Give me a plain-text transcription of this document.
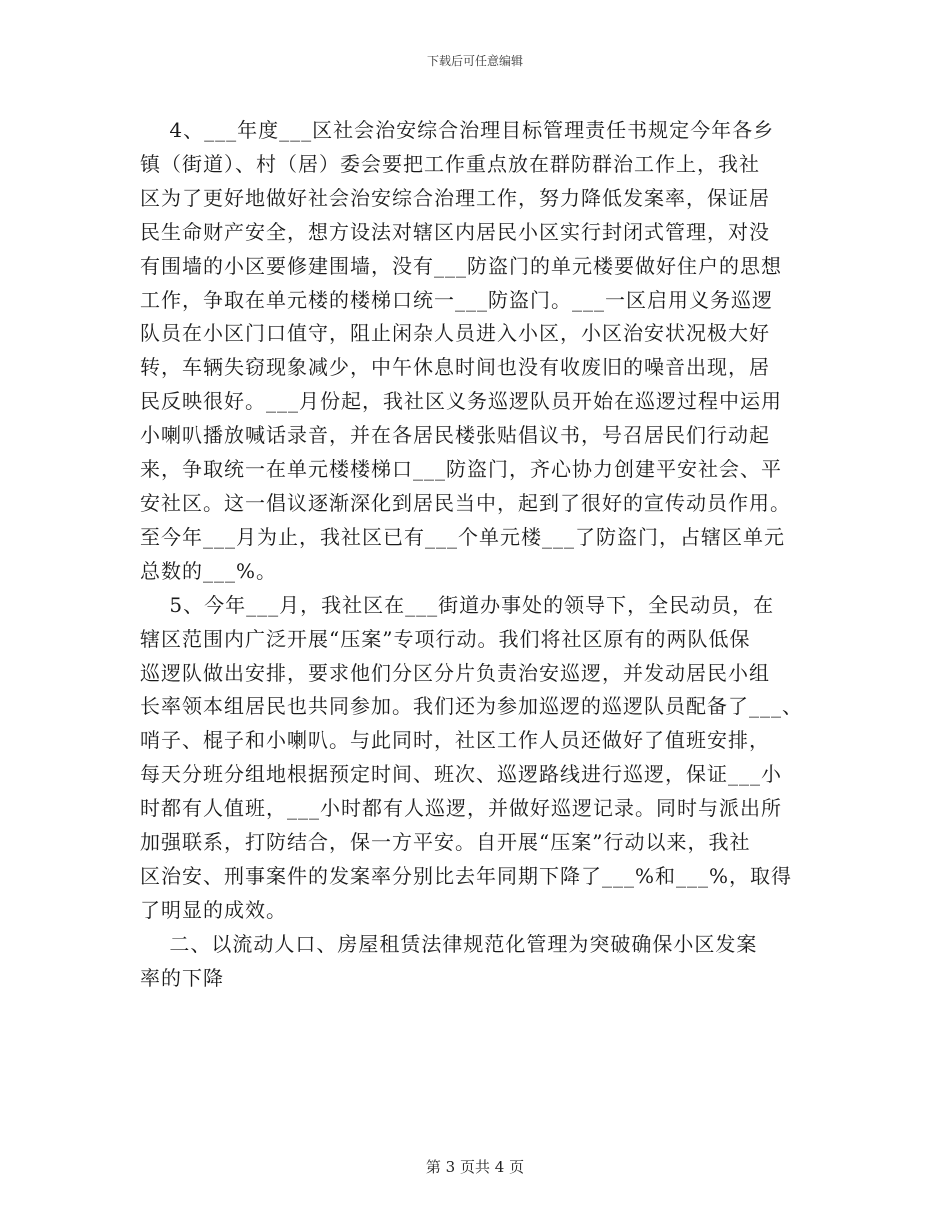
下载后可任意编辑

4、___年度___区社会治安综合治理目标管理责任书规定今年各乡
镇（街道）、村（居）委会要把工作重点放在群防群治工作上，我社
区为了更好地做好社会治安综合治理工作，努力降低发案率，保证居
民生命财产安全，想方设法对辖区内居民小区实行封闭式管理，对没
有围墙的小区要修建围墙，没有___防盗门的单元楼要做好住户的思想
工作，争取在单元楼的楼梯口统一___防盗门。___一区启用义务巡逻
队员在小区门口值守，阻止闲杂人员进入小区，小区治安状况极大好
转，车辆失窃现象减少，中午休息时间也没有收废旧的噪音出现，居
民反映很好。___月份起，我社区义务巡逻队员开始在巡逻过程中运用
小喇叭播放喊话录音，并在各居民楼张贴倡议书，号召居民们行动起
来，争取统一在单元楼楼梯口___防盗门，齐心协力创建平安社会、平
安社区。这一倡议逐渐深化到居民当中，起到了很好的宣传动员作用。
至今年___月为止，我社区已有___个单元楼___了防盗门，占辖区单元
总数的___%。

5、今年___月，我社区在___街道办事处的领导下，全民动员，在
辖区范围内广泛开展“压案”专项行动。我们将社区原有的两队低保
巡逻队做出安排，要求他们分区分片负责治安巡逻，并发动居民小组
长率领本组居民也共同参加。我们还为参加巡逻的巡逻队员配备了___、
哨子、棍子和小喇叭。与此同时，社区工作人员还做好了值班安排，
每天分班分组地根据预定时间、班次、巡逻路线进行巡逻，保证___小
时都有人值班，___小时都有人巡逻，并做好巡逻记录。同时与派出所
加强联系，打防结合，保一方平安。自开展“压案”行动以来，我社
区治安、刑事案件的发案率分别比去年同期下降了___%和___%，取得
了明显的成效。

二、以流动人口、房屋租赁法律规范化管理为突破确保小区发案
率的下降

第 3 页共 4 页
